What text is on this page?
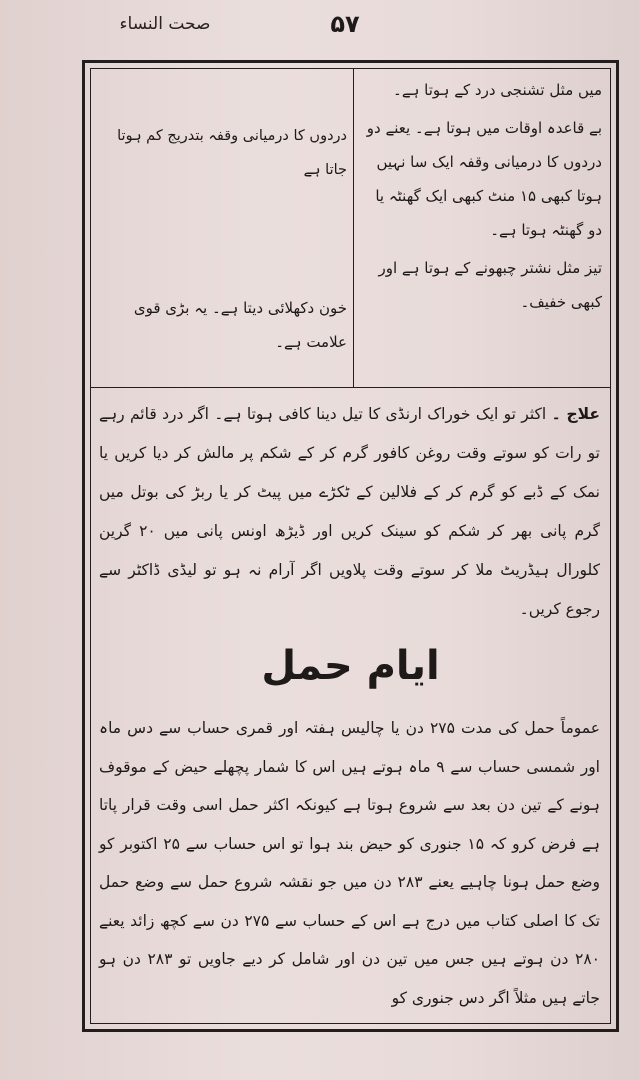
صحت النساء	۵۷
میں مثل تشنجی درد کے ہوتا ہے۔
بے قاعدہ اوقات میں ہوتا ہے۔ یعنے دو دردوں کا درمیانی وقفہ ایک سا نہیں ہوتا کبھی ۱۵ منٹ کبھی ایک گھنٹہ یا دو گھنٹہ ہوتا ہے۔
تیز مثل نشتر چبھونے کے ہوتا ہے اور کبھی خفیف۔
دردوں کا درمیانی وقفہ بتدریج کم ہوتا جاتا ہے
خون دکھلائی دیتا ہے۔ یہ بڑی قوی علامت ہے۔
علاج ۔ اکثر تو ایک خوراک ارنڈی کا تیل دینا کافی ہوتا ہے۔ اگر درد قائم رہے تو رات کو سوتے وقت روغن کافور گرم کر کے شکم پر مالش کر دیا کریں یا نمک کے ڈبے کو گرم کر کے فلالین کے ٹکڑے میں پیٹ کر یا ربڑ کی بوتل میں گرم پانی بھر کر شکم کو سینک کریں اور ڈیڑھ اونس پانی میں ۲۰ گرین کلورال ہیڈریٹ ملا کر سوتے وقت پلاویں اگر آرام نہ ہو تو لیڈی ڈاکٹر سے رجوع کریں۔
ایام حمل
عموماً حمل کی مدت ۲۷۵ دن یا چالیس ہفتہ اور قمری حساب سے دس ماہ اور شمسی حساب سے ۹ ماہ ہوتے ہیں اس کا شمار پچھلے حیض کے موقوف ہونے کے تین دن بعد سے شروع ہوتا ہے کیونکہ اکثر حمل اسی وقت قرار پاتا ہے فرض کرو کہ ۱۵ جنوری کو حیض بند ہوا تو اس حساب سے ۲۵ اکتوبر کو وضع حمل ہونا چاہیے یعنے ۲۸۳ دن میں جو نقشہ شروع حمل سے وضع حمل تک کا اصلی کتاب میں درج ہے اس کے حساب سے ۲۷۵ دن سے کچھ زائد یعنے ۲۸۰ دن ہوتے ہیں جس میں تین دن اور شامل کر دیے جاویں تو ۲۸۳ دن ہو جاتے ہیں مثلاً اگر دس جنوری کو
